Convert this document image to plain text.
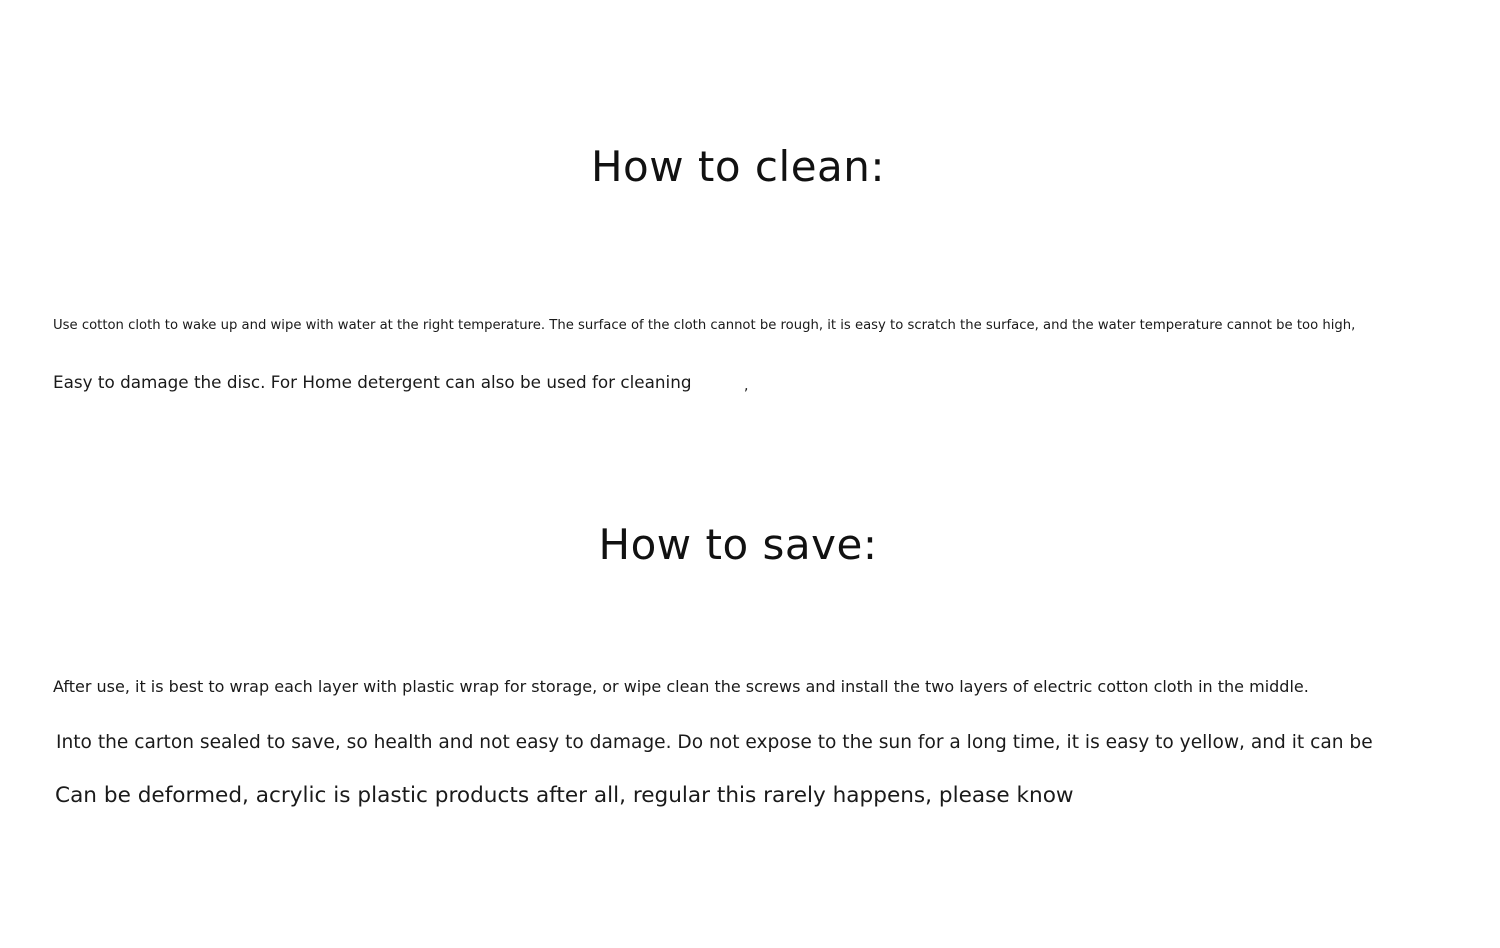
How to clean:

Use cotton cloth to wake up and wipe with water at the right temperature. The surface of the cloth cannot be rough, it is easy to scratch the surface, and the water temperature cannot be too high,

Easy to damage the disc. For Home detergent can also be used for cleaning	,
How to save:

After use, it is best to wrap each layer with plastic wrap for storage, or wipe clean the screws and install the two layers of electric cotton cloth in the middle.

Into the carton sealed to save, so health and not easy to damage. Do not expose to the sun for a long time, it is easy to yellow, and it can be

Can be deformed, acrylic is plastic products after all, regular this rarely happens, please know
